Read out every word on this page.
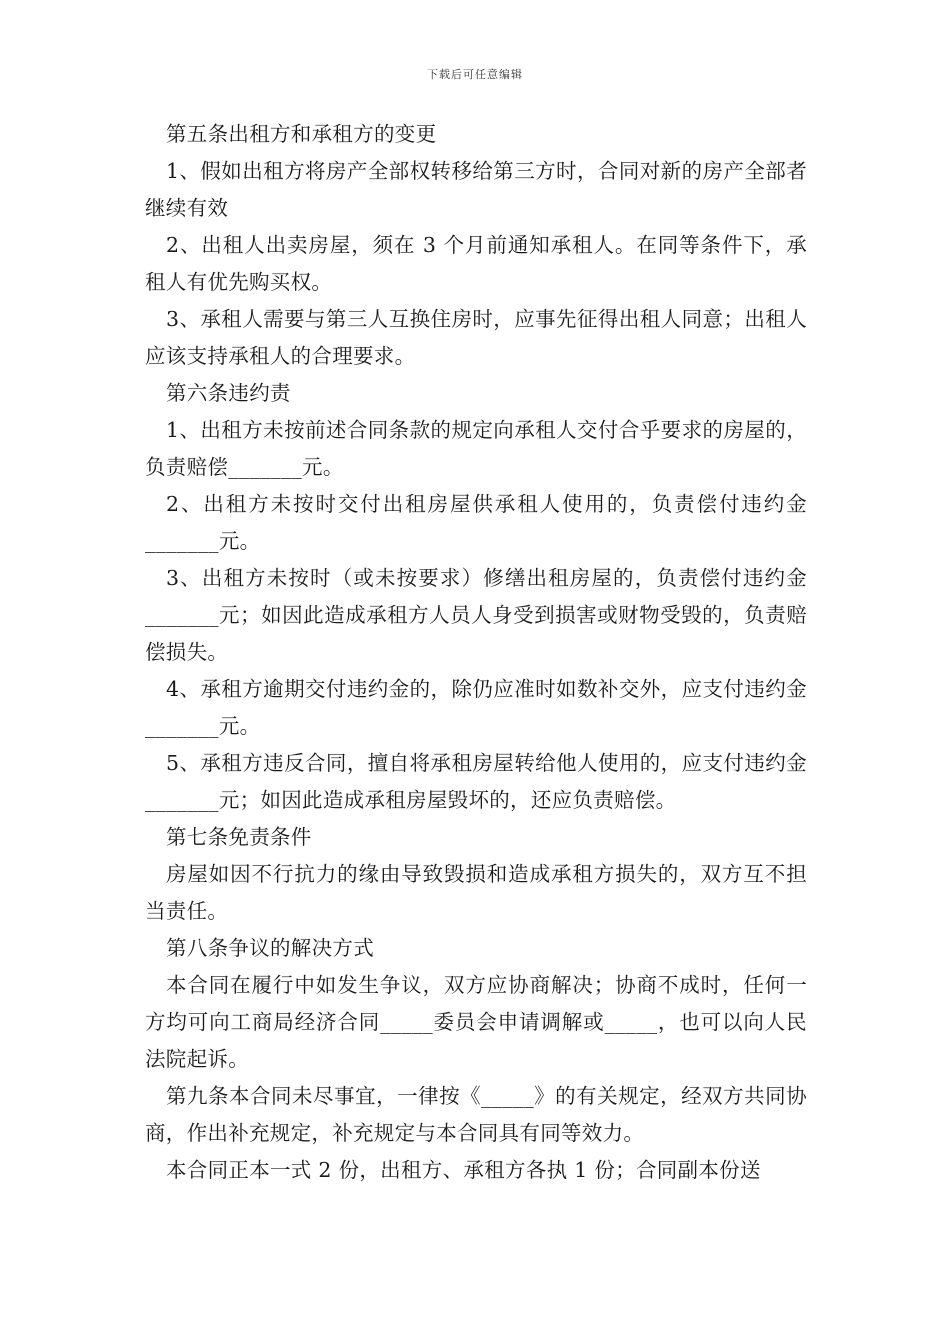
下载后可任意编辑

第五条出租方和承租方的变更

1、假如出租方将房产全部权转移给第三方时，合同对新的房产全部者继续有效

2、出租人出卖房屋，须在 3 个月前通知承租人。在同等条件下，承租人有优先购买权。

3、承租人需要与第三人互换住房时，应事先征得出租人同意；出租人应该支持承租人的合理要求。

第六条违约责

1、出租方未按前述合同条款的规定向承租人交付合乎要求的房屋的，负责赔偿_______元。

2、出租方未按时交付出租房屋供承租人使用的，负责偿付违约金_______元。

3、出租方未按时（或未按要求）修缮出租房屋的，负责偿付违约金_______元；如因此造成承租方人员人身受到损害或财物受毁的，负责赔偿损失。

4、承租方逾期交付违约金的，除仍应准时如数补交外，应支付违约金_______元。

5、承租方违反合同，擅自将承租房屋转给他人使用的，应支付违约金_______元；如因此造成承租房屋毁坏的，还应负责赔偿。

第七条免责条件

房屋如因不行抗力的缘由导致毁损和造成承租方损失的，双方互不担当责任。

第八条争议的解决方式

本合同在履行中如发生争议，双方应协商解决；协商不成时，任何一方均可向工商局经济合同_____委员会申请调解或_____，也可以向人民法院起诉。

第九条本合同未尽事宜，一律按《_____》的有关规定，经双方共同协商，作出补充规定，补充规定与本合同具有同等效力。

本合同正本一式 2 份，出租方、承租方各执 1 份；合同副本份送
